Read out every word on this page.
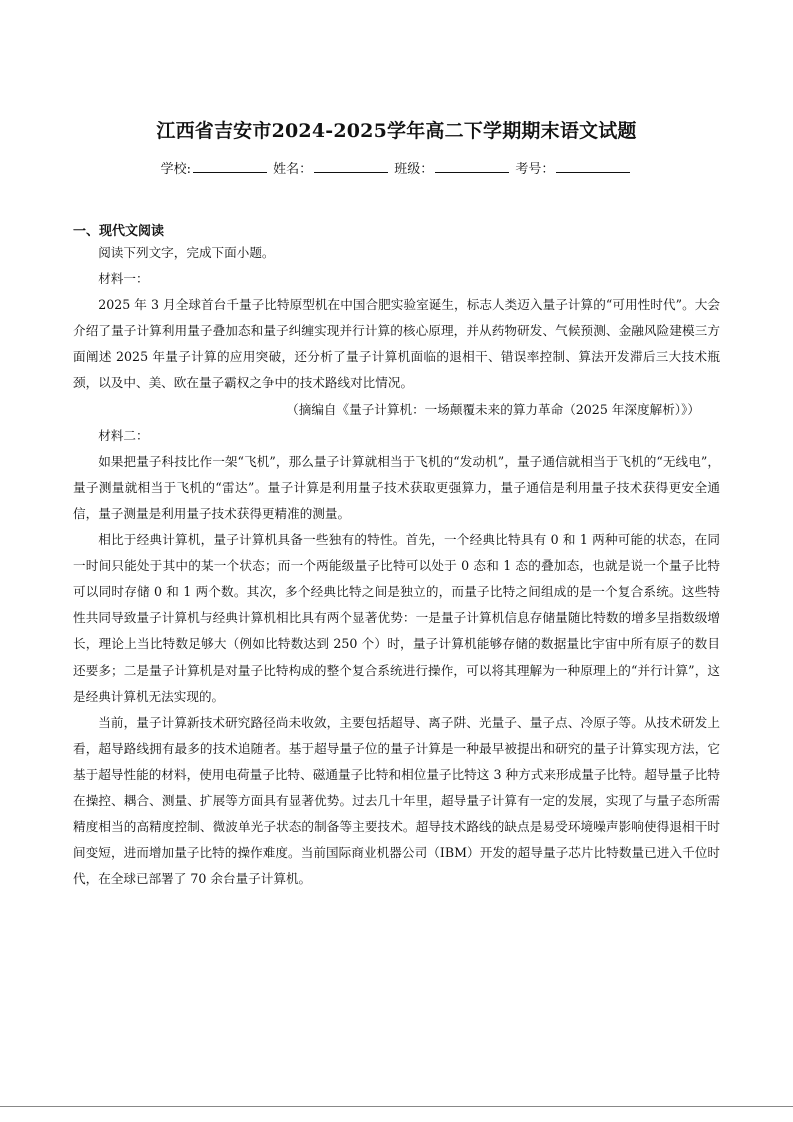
江西省吉安市2024-2025学年高二下学期期末语文试题
学校:	姓名：	班级：	考号：
一、现代文阅读

阅读下列文字，完成下面小题。

材料一：

2025 年 3 月全球首台千量子比特原型机在中国合肥实验室诞生，标志人类迈入量子计算的“可用性时代”。大会介绍了量子计算利用量子叠加态和量子纠缠实现并行计算的核心原理，并从药物研发、气候预测、金融风险建模三方面阐述 2025 年量子计算的应用突破，还分析了量子计算机面临的退相干、错误率控制、算法开发滞后三大技术瓶颈，以及中、美、欧在量子霸权之争中的技术路线对比情况。

（摘编自《量子计算机：一场颠覆未来的算力革命（2025 年深度解析）》）

材料二：

如果把量子科技比作一架“飞机”，那么量子计算就相当于飞机的“发动机”，量子通信就相当于飞机的“无线电”，量子测量就相当于飞机的“雷达”。量子计算是利用量子技术获取更强算力，量子通信是利用量子技术获得更安全通信，量子测量是利用量子技术获得更精准的测量。

相比于经典计算机，量子计算机具备一些独有的特性。首先，一个经典比特具有 0 和 1 两种可能的状态，在同一时间只能处于其中的某一个状态；而一个两能级量子比特可以处于 0 态和 1 态的叠加态，也就是说一个量子比特可以同时存储 0 和 1 两个数。其次，多个经典比特之间是独立的，而量子比特之间组成的是一个复合系统。这些特性共同导致量子计算机与经典计算机相比具有两个显著优势：一是量子计算机信息存储量随比特数的增多呈指数级增长，理论上当比特数足够大（例如比特数达到 250 个）时，量子计算机能够存储的数据量比宇宙中所有原子的数目还要多；二是量子计算机是对量子比特构成的整个复合系统进行操作，可以将其理解为一种原理上的“并行计算”，这是经典计算机无法实现的。

当前，量子计算新技术研究路径尚未收敛，主要包括超导、离子阱、光量子、量子点、冷原子等。从技术研发上看，超导路线拥有最多的技术追随者。基于超导量子位的量子计算是一种最早被提出和研究的量子计算实现方法，它基于超导性能的材料，使用电荷量子比特、磁通量子比特和相位量子比特这 3 种方式来形成量子比特。超导量子比特在操控、耦合、测量、扩展等方面具有显著优势。过去几十年里，超导量子计算有一定的发展，实现了与量子态所需精度相当的高精度控制、微波单光子状态的制备等主要技术。超导技术路线的缺点是易受环境噪声影响使得退相干时间变短，进而增加量子比特的操作难度。当前国际商业机器公司（IBM）开发的超导量子芯片比特数量已进入千位时代，在全球已部署了 70 余台量子计算机。
